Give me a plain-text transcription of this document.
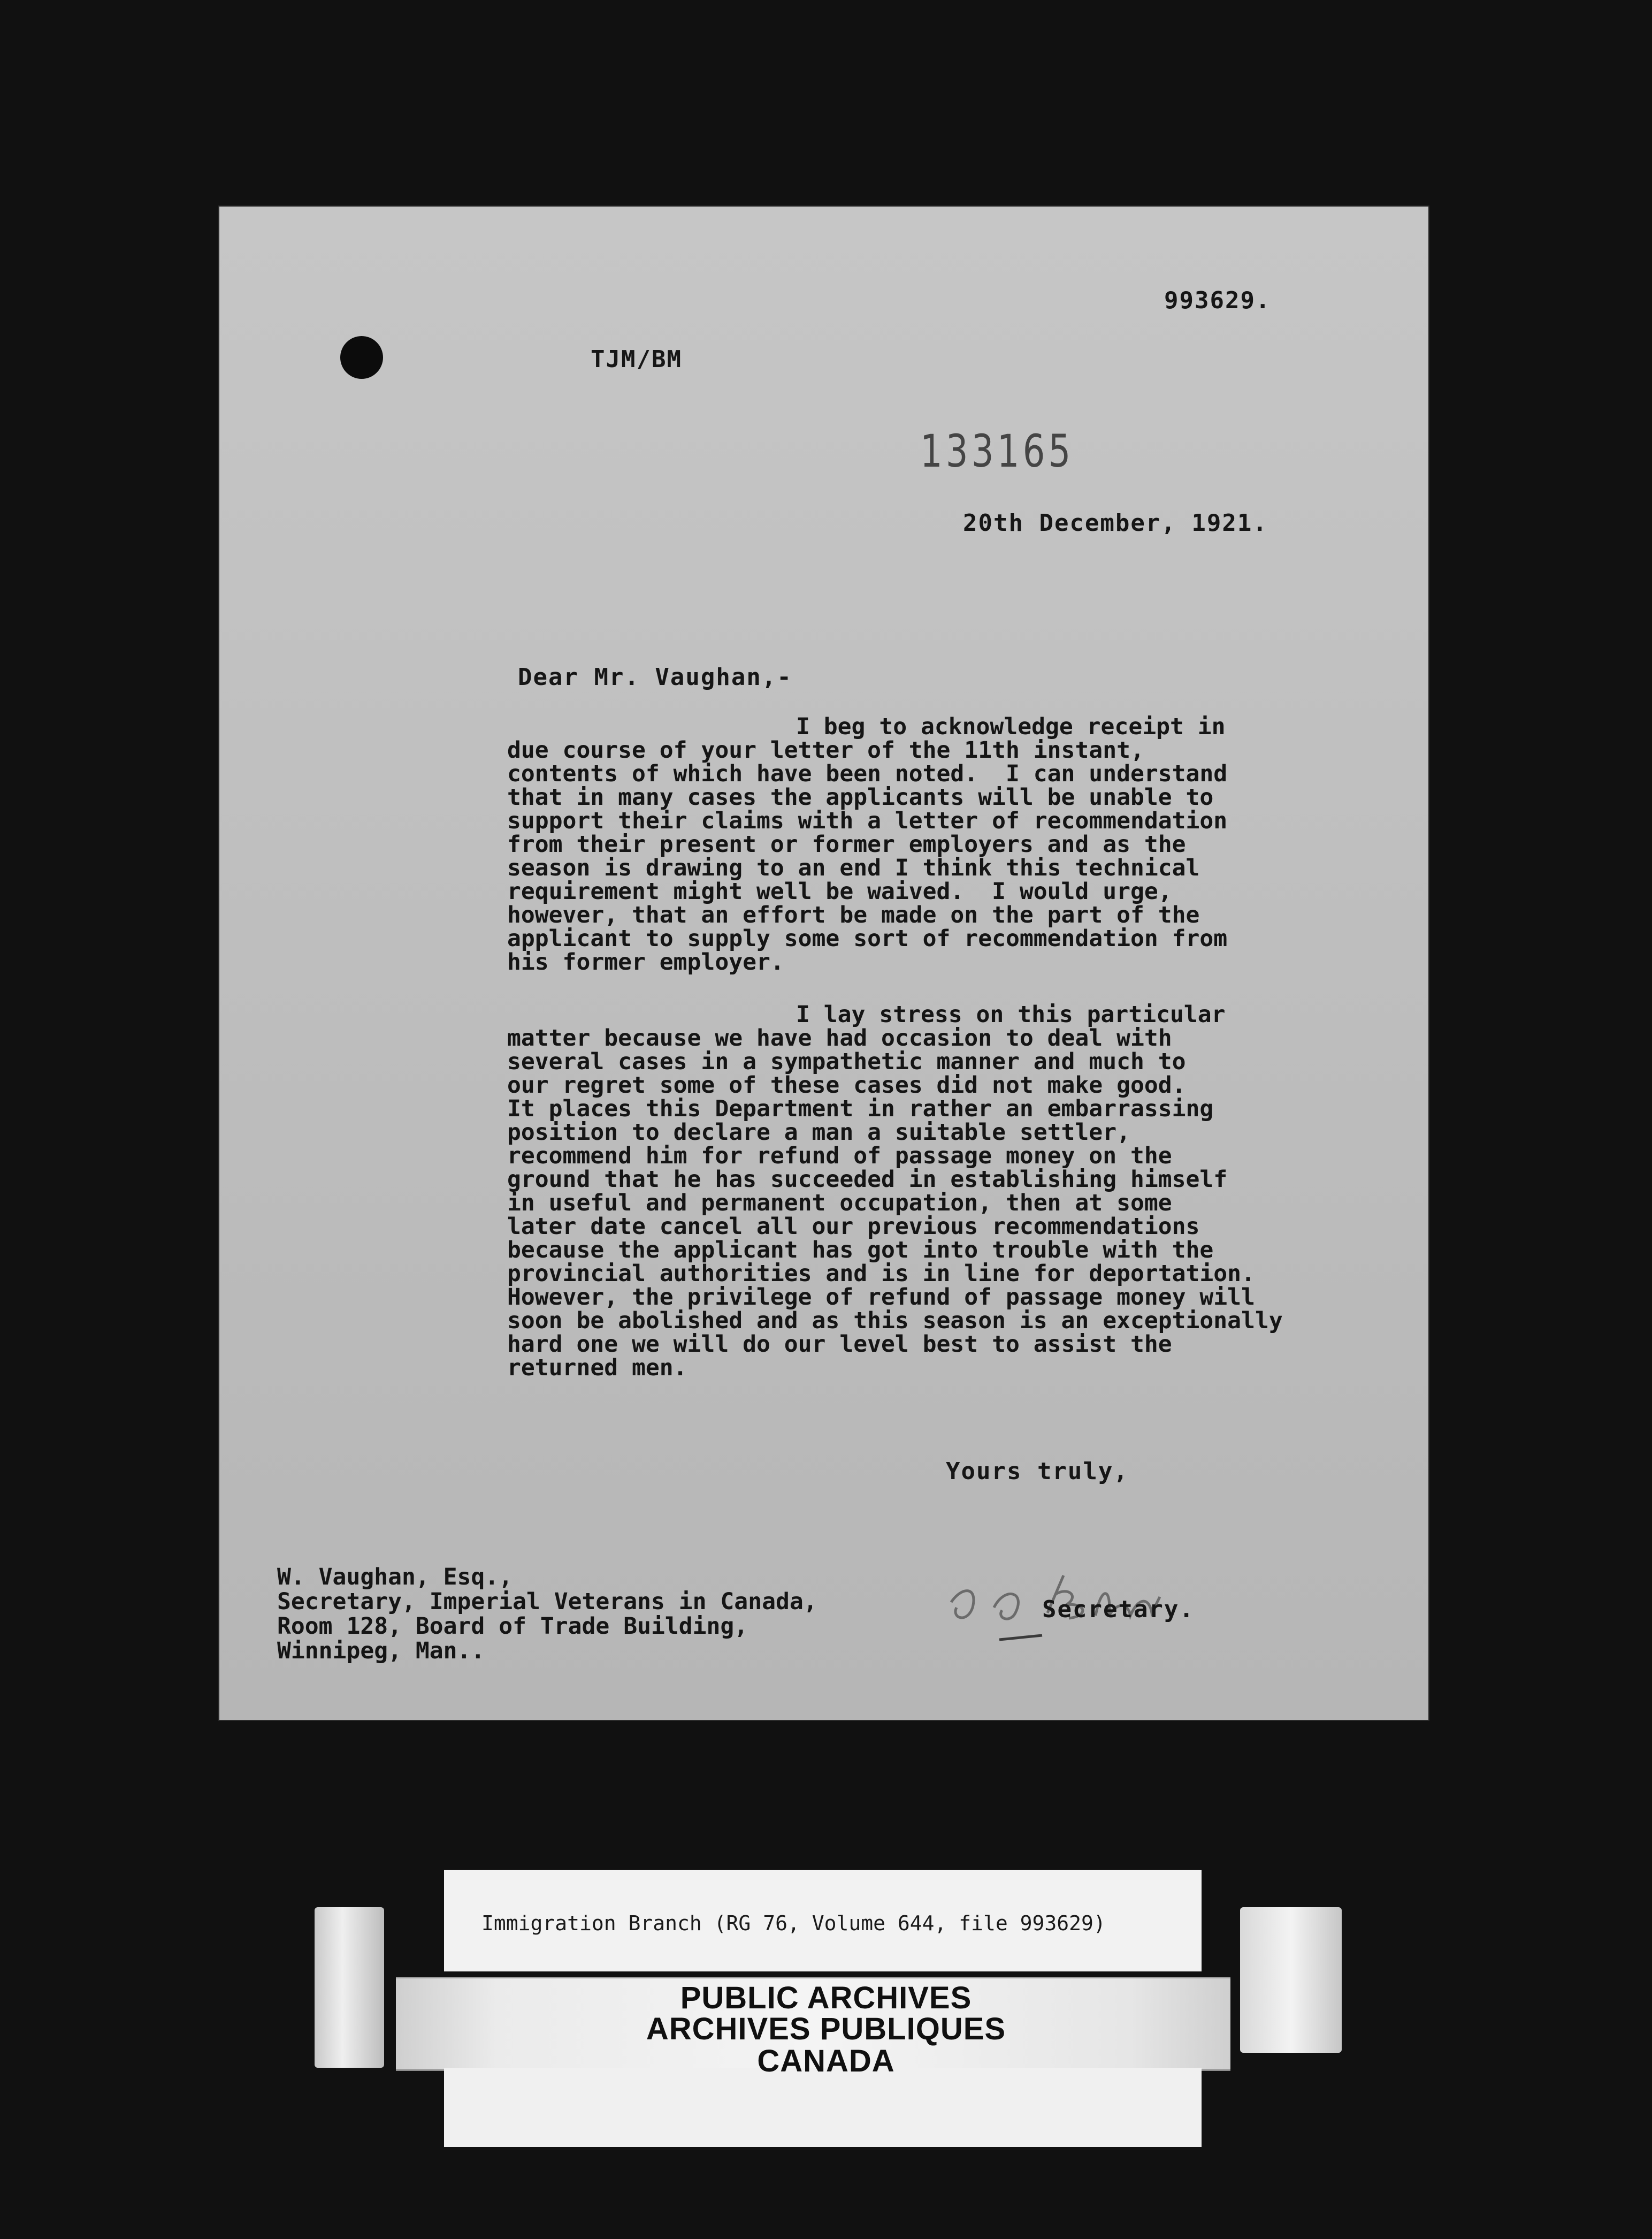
993629.
TJM/BM
133165
20th December, 1921.
Dear Mr. Vaughan,-

I beg to acknowledge receipt in

due course of your letter of the 11th instant,

contents of which have been noted.  I can understand

that in many cases the applicants will be unable to

support their claims with a letter of recommendation

from their present or former employers and as the

season is drawing to an end I think this technical

requirement might well be waived.  I would urge,

however, that an effort be made on the part of the

applicant to supply some sort of recommendation from

his former employer.

I lay stress on this particular

matter because we have had occasion to deal with

several cases in a sympathetic manner and much to

our regret some of these cases did not make good.

It places this Department in rather an embarrassing

position to declare a man a suitable settler,

recommend him for refund of passage money on the

ground that he has succeeded in establishing himself

in useful and permanent occupation, then at some

later date cancel all our previous recommendations

because the applicant has got into trouble with the

provincial authorities and is in line for deportation.

However, the privilege of refund of passage money will

soon be abolished and as this season is an exceptionally

hard one we will do our level best to assist the

returned men.

Yours truly,

W. Vaughan, Esq.,

Secretary, Imperial Veterans in Canada,

Room 128, Board of Trade Building,

Winnipeg, Man..

Secretary.
Immigration Branch (RG 76, Volume 644, file 993629)
PUBLIC ARCHIVES
ARCHIVES PUBLIQUES
CANADA
